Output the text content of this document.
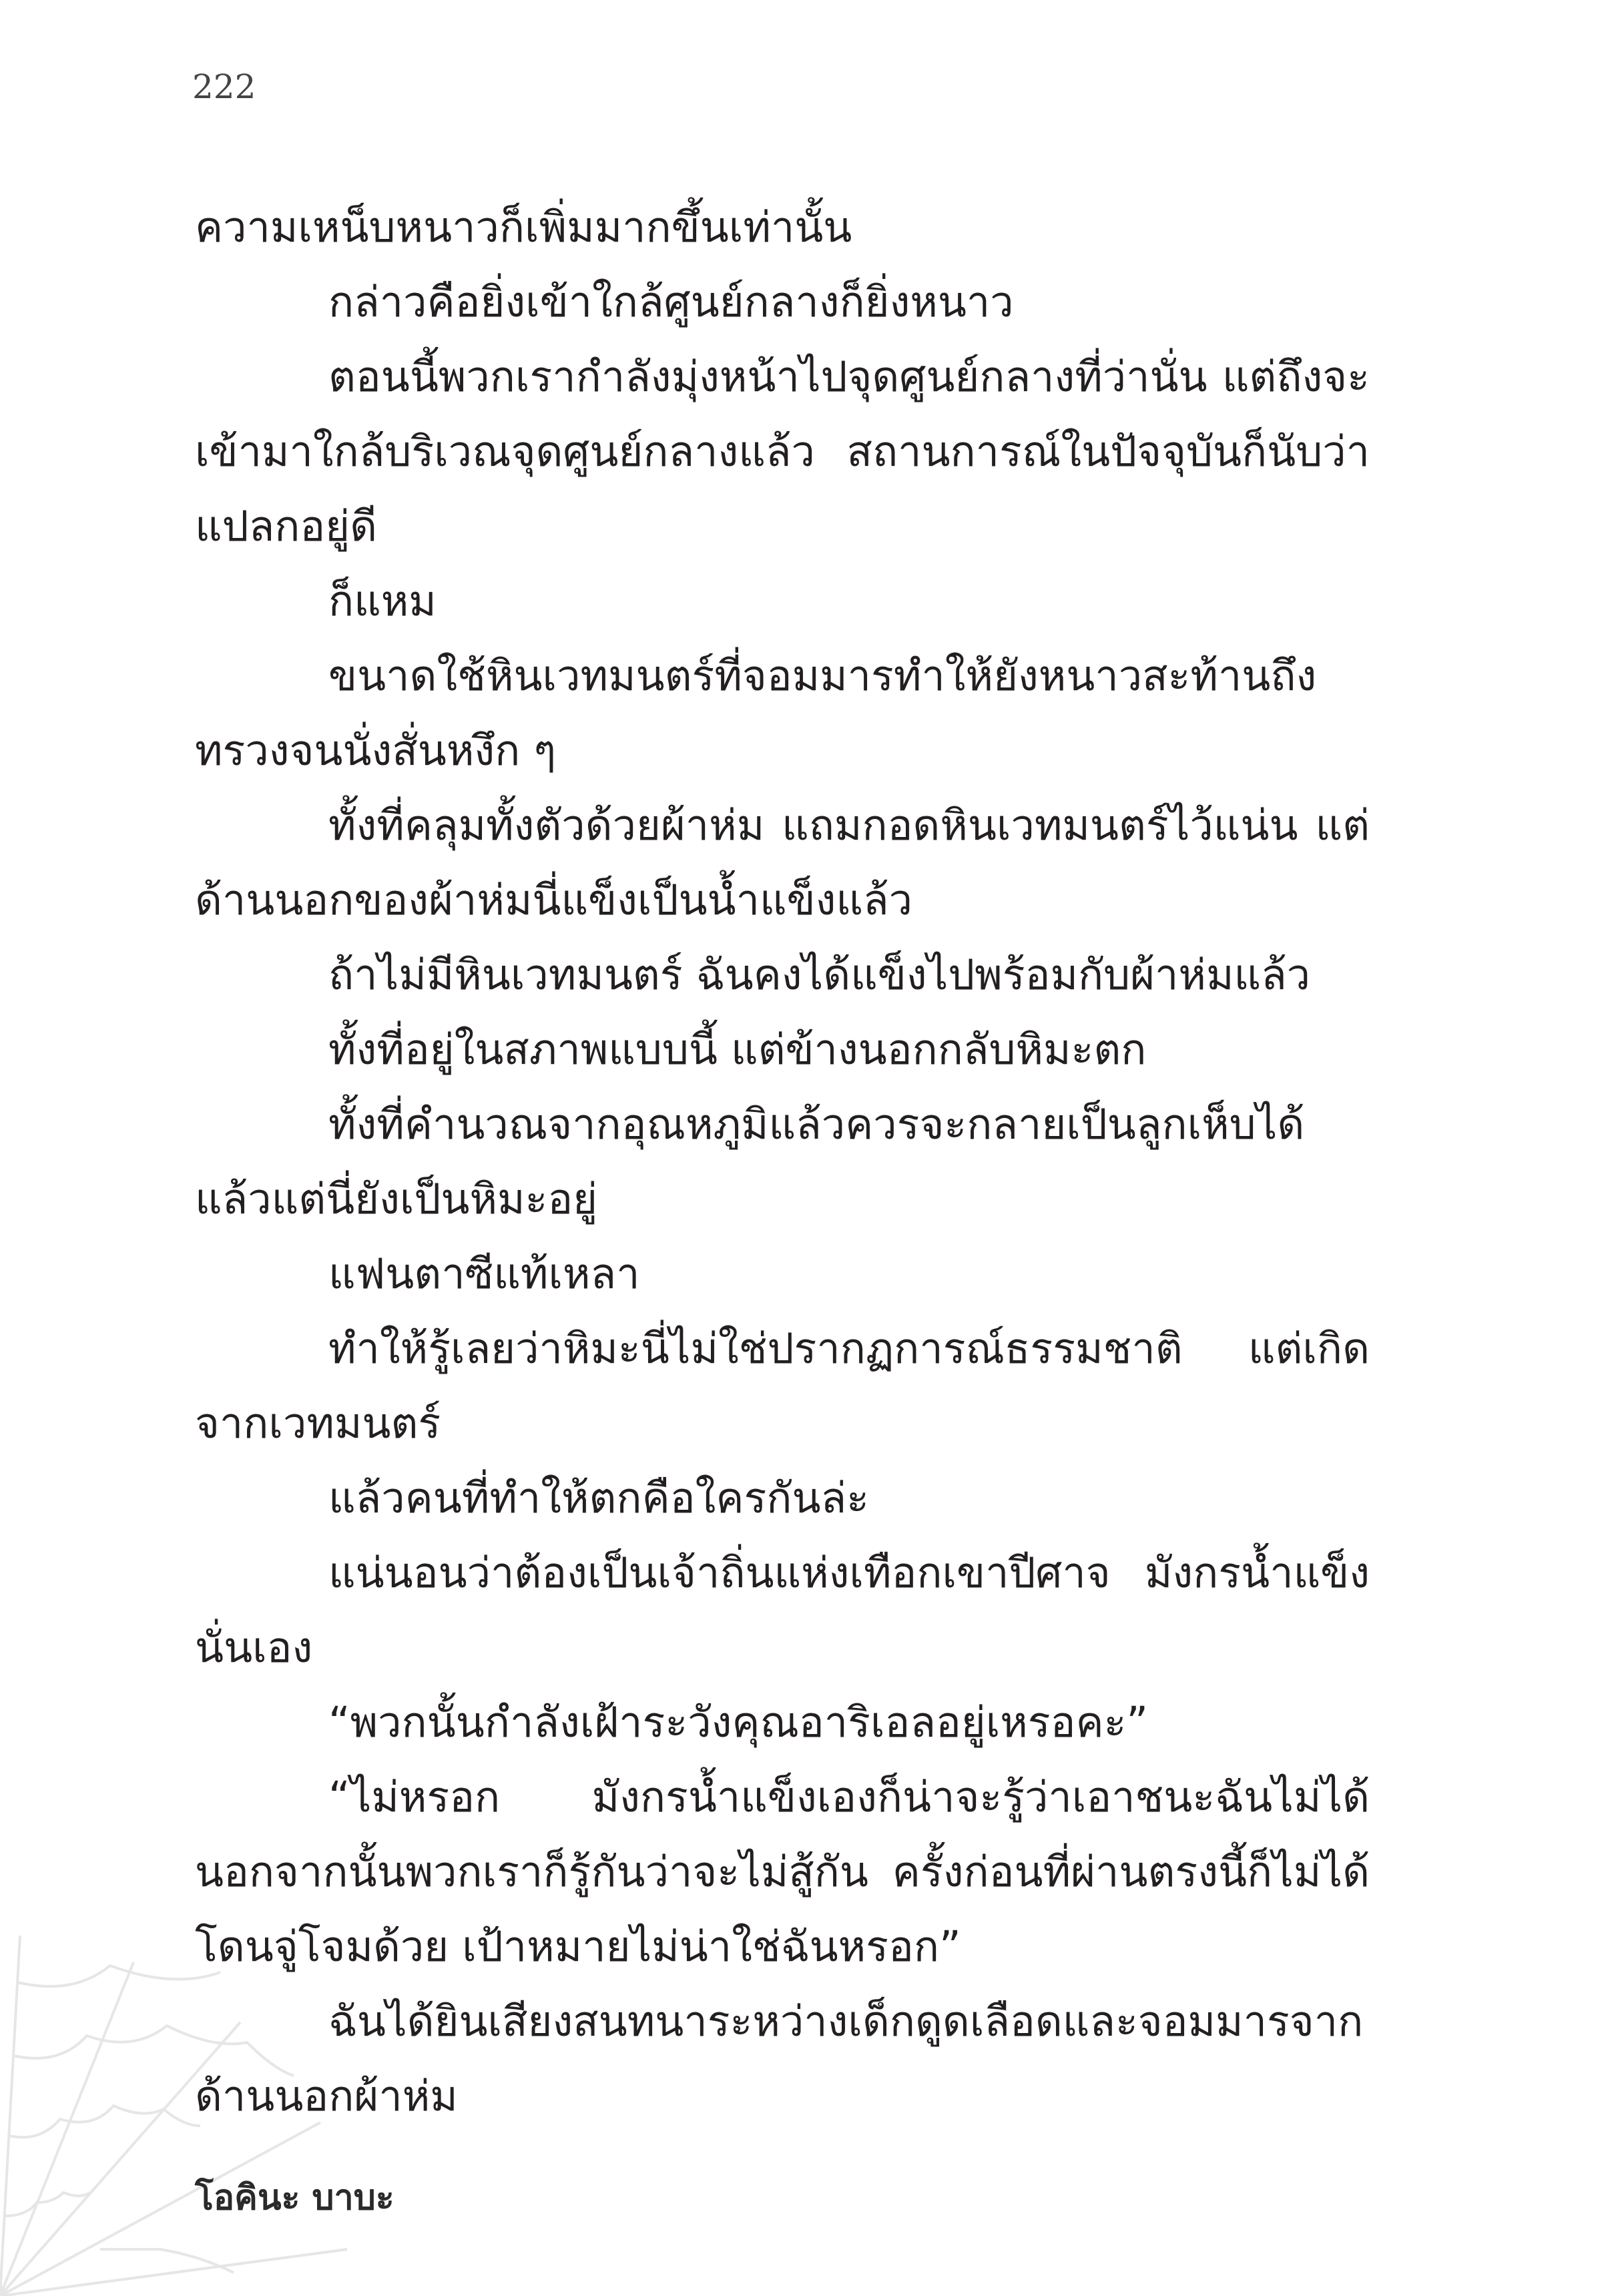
222

ความเหน็บหนาวก็เพิ่มมากขึ้นเท่านั้น

กล่าวคือยิ่งเข้าใกล้ศูนย์กลางก็ยิ่งหนาว

ตอนนี้พวกเรากำลังมุ่งหน้าไปจุดศูนย์กลางที่ว่านั่น แต่ถึงจะเข้ามาใกล้บริเวณจุดศูนย์กลางแล้ว สถานการณ์ในปัจจุบันก็นับว่าแปลกอยู่ดี

ก็แหม

ขนาดใช้หินเวทมนตร์ที่จอมมารทำให้ยังหนาวสะท้านถึงทรวงจนนั่งสั่นหงึก ๆ

ทั้งที่คลุมทั้งตัวด้วยผ้าห่ม แถมกอดหินเวทมนตร์ไว้แน่น แต่ด้านนอกของผ้าห่มนี่แข็งเป็นน้ำแข็งแล้ว

ถ้าไม่มีหินเวทมนตร์ ฉันคงได้แข็งไปพร้อมกับผ้าห่มแล้ว

ทั้งที่อยู่ในสภาพแบบนี้ แต่ข้างนอกกลับหิมะตก

ทั้งที่คำนวณจากอุณหภูมิแล้วควรจะกลายเป็นลูกเห็บได้แล้วแต่นี่ยังเป็นหิมะอยู่

แฟนตาซีแท้เหลา

ทำให้รู้เลยว่าหิมะนี่ไม่ใช่ปรากฏการณ์ธรรมชาติ แต่เกิดจากเวทมนตร์

แล้วคนที่ทำให้ตกคือใครกันล่ะ

แน่นอนว่าต้องเป็นเจ้าถิ่นแห่งเทือกเขาปีศาจ มังกรน้ำแข็งนั่นเอง

“พวกนั้นกำลังเฝ้าระวังคุณอาริเอลอยู่เหรอคะ”

“ไม่หรอก มังกรน้ำแข็งเองก็น่าจะรู้ว่าเอาชนะฉันไม่ได้ นอกจากนั้นพวกเราก็รู้กันว่าจะไม่สู้กัน ครั้งก่อนที่ผ่านตรงนี้ก็ไม่ได้โดนจู่โจมด้วย เป้าหมายไม่น่าใช่ฉันหรอก”

ฉันได้ยินเสียงสนทนาระหว่างเด็กดูดเลือดและจอมมารจากด้านนอกผ้าห่ม

โอคินะ บาบะ
